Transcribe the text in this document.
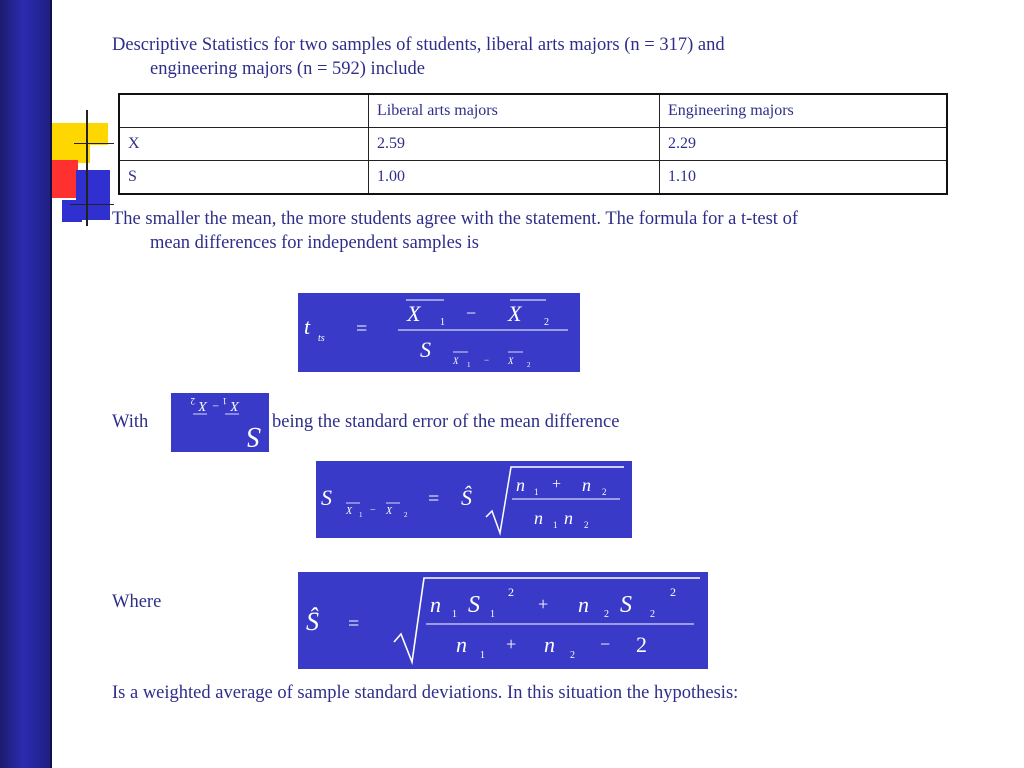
Descriptive Statistics for two samples of students, liberal arts majors (n = 317) and
engineering majors (n = 592) include
	Liberal arts majors	Engineering majors
X	2.59	2.29
S	1.00	1.10
The smaller the mean, the more students agree with the statement. The formula for a t-test of
mean differences for independent samples is
t ts =
X 1 − X 2
S X 1 − X 2
With	S
X
1
−
X
2
being the standard error of the mean difference
S
X 1 − X 2
= Ŝ n 1 + n 2
n 1 n 2
Where
Ŝ =
n 1 S 1
2
+ n 2 S 2
2
n 1
+ n 2
− 2
Is a weighted average of sample standard deviations. In this situation the hypothesis:
